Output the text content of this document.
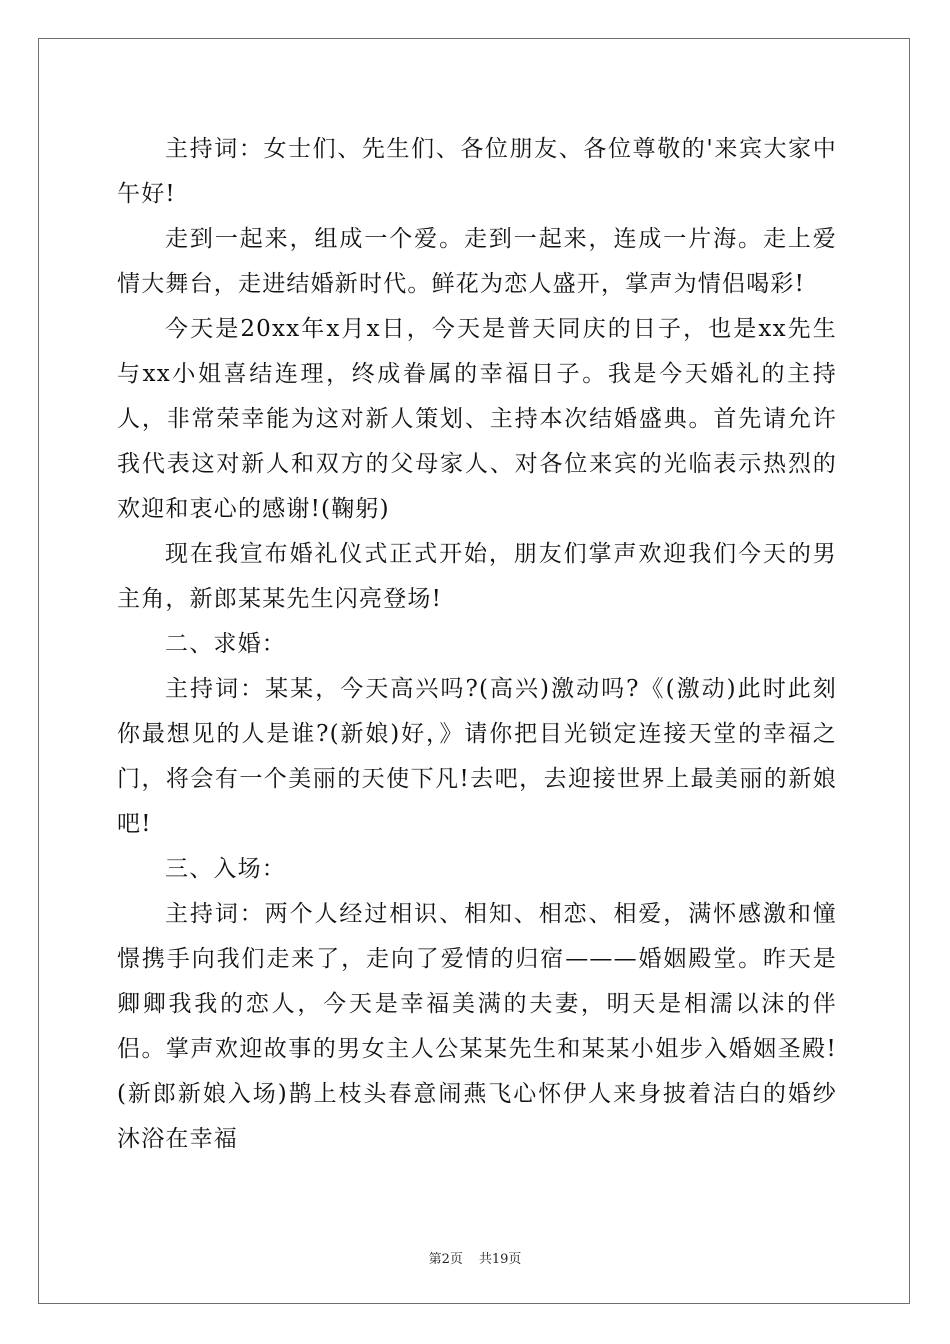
主持词：女士们、先生们、各位朋友、各位尊敬的'来宾大家中午好!

走到一起来，组成一个爱。走到一起来，连成一片海。走上爱情大舞台，走进结婚新时代。鲜花为恋人盛开，掌声为情侣喝彩!

今天是20xx年x月x日，今天是普天同庆的日子，也是xx先生与xx小姐喜结连理，终成眷属的幸福日子。我是今天婚礼的主持人，非常荣幸能为这对新人策划、主持本次结婚盛典。首先请允许我代表这对新人和双方的父母家人、对各位来宾的光临表示热烈的欢迎和衷心的感谢!(鞠躬)

现在我宣布婚礼仪式正式开始，朋友们掌声欢迎我们今天的男主角，新郎某某先生闪亮登场!

二、求婚：

主持词：某某，今天高兴吗?(高兴)激动吗?《(激动)此时此刻你最想见的人是谁?(新娘)好，》请你把目光锁定连接天堂的幸福之门，将会有一个美丽的天使下凡!去吧，去迎接世界上最美丽的新娘吧!

三、入场：

主持词：两个人经过相识、相知、相恋、相爱，满怀感激和憧憬携手向我们走来了，走向了爱情的归宿———婚姻殿堂。昨天是卿卿我我的恋人，今天是幸福美满的夫妻，明天是相濡以沫的伴侣。掌声欢迎故事的男女主人公某某先生和某某小姐步入婚姻圣殿!(新郎新娘入场)鹊上枝头春意闹燕飞心怀伊人来身披着洁白的婚纱沐浴在幸福

第2页 共19页
